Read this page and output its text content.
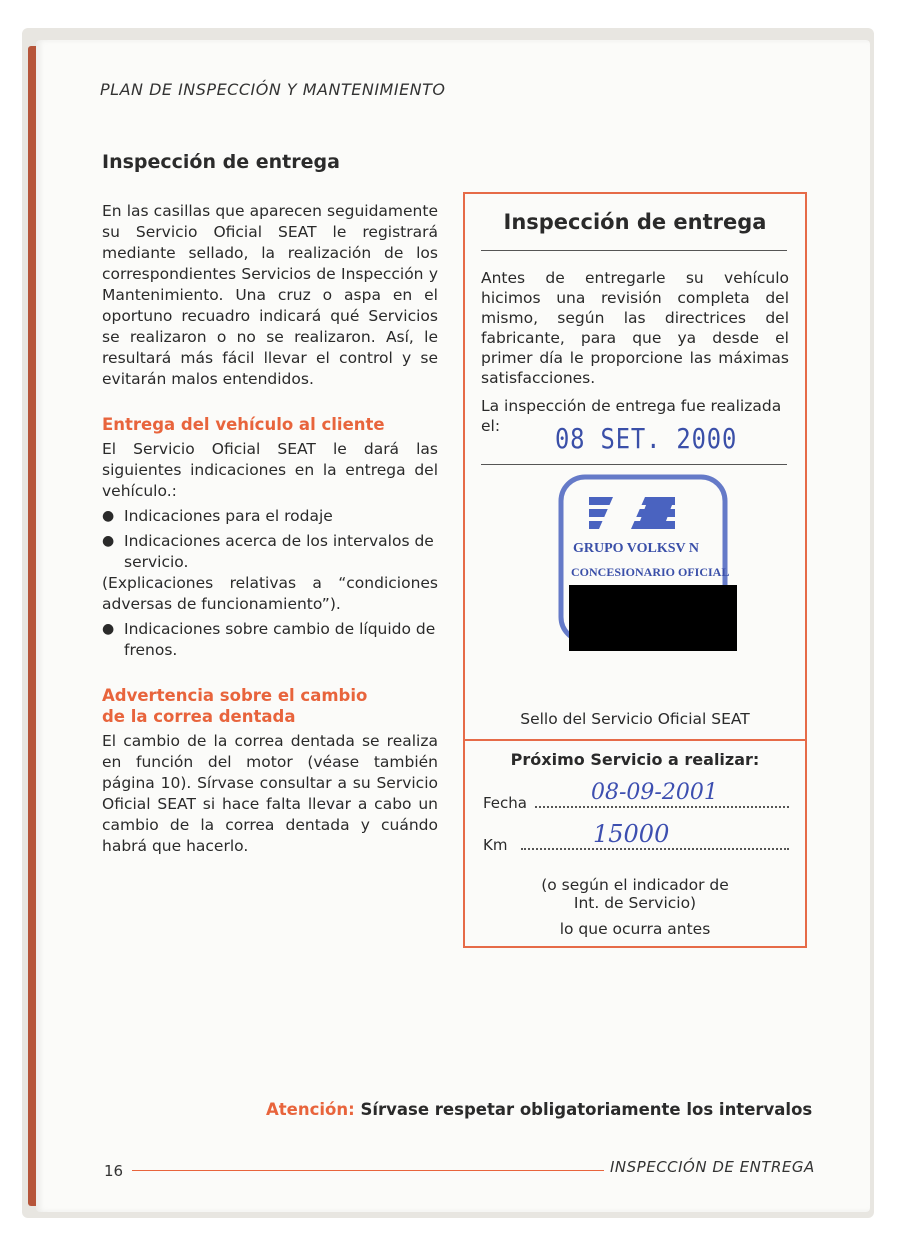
PLAN DE INSPECCIÓN Y MANTENIMIENTO
Inspección de entrega

En las casillas que aparecen seguidamente su Servicio Oficial SEAT le registrará mediante sellado, la realización de los correspondientes Servicios de Inspección y Mantenimiento. Una cruz o aspa en el oportuno recuadro indicará qué Servicios se realizaron o no se realizaron. Así, le resultará más fácil llevar el control y se evitarán malos entendidos.

Entrega del vehículo al cliente

El Servicio Oficial SEAT le dará las siguientes indicaciones en la entrega del vehículo.:

● Indicaciones para el rodaje
● Indicaciones acerca de los intervalos de servicio.

(Explicaciones relativas a “condiciones adversas de funcionamiento”).

● Indicaciones sobre cambio de líquido de frenos.
Advertencia sobre el cambio
de la correa dentada

El cambio de la correa dentada se realiza en función del motor (véase también página 10). Sírvase consultar a su Servicio Oficial SEAT si hace falta llevar a cabo un cambio de la correa dentada y cuándo habrá que hacerlo.

Inspección de entrega
Antes de entregarle su vehículo hicimos una revisión completa del mismo, según las directrices del fabricante, para que ya desde el primer día le proporcione las máximas satisfacciones.
La inspección de entrega fue realizada el:	08 SET. 2000
GRUPO VOLKSV N
CONCESIONARIO OFICIAL
Sello del Servicio Oficial SEAT
Próximo Servicio a realizar:
Fecha	08-09-2001
Km	15000
(o según el indicador de
Int. de Servicio)
lo que ocurra antes
Atención: Sírvase respetar obligatoriamente los intervalos
16	INSPECCIÓN DE ENTREGA
